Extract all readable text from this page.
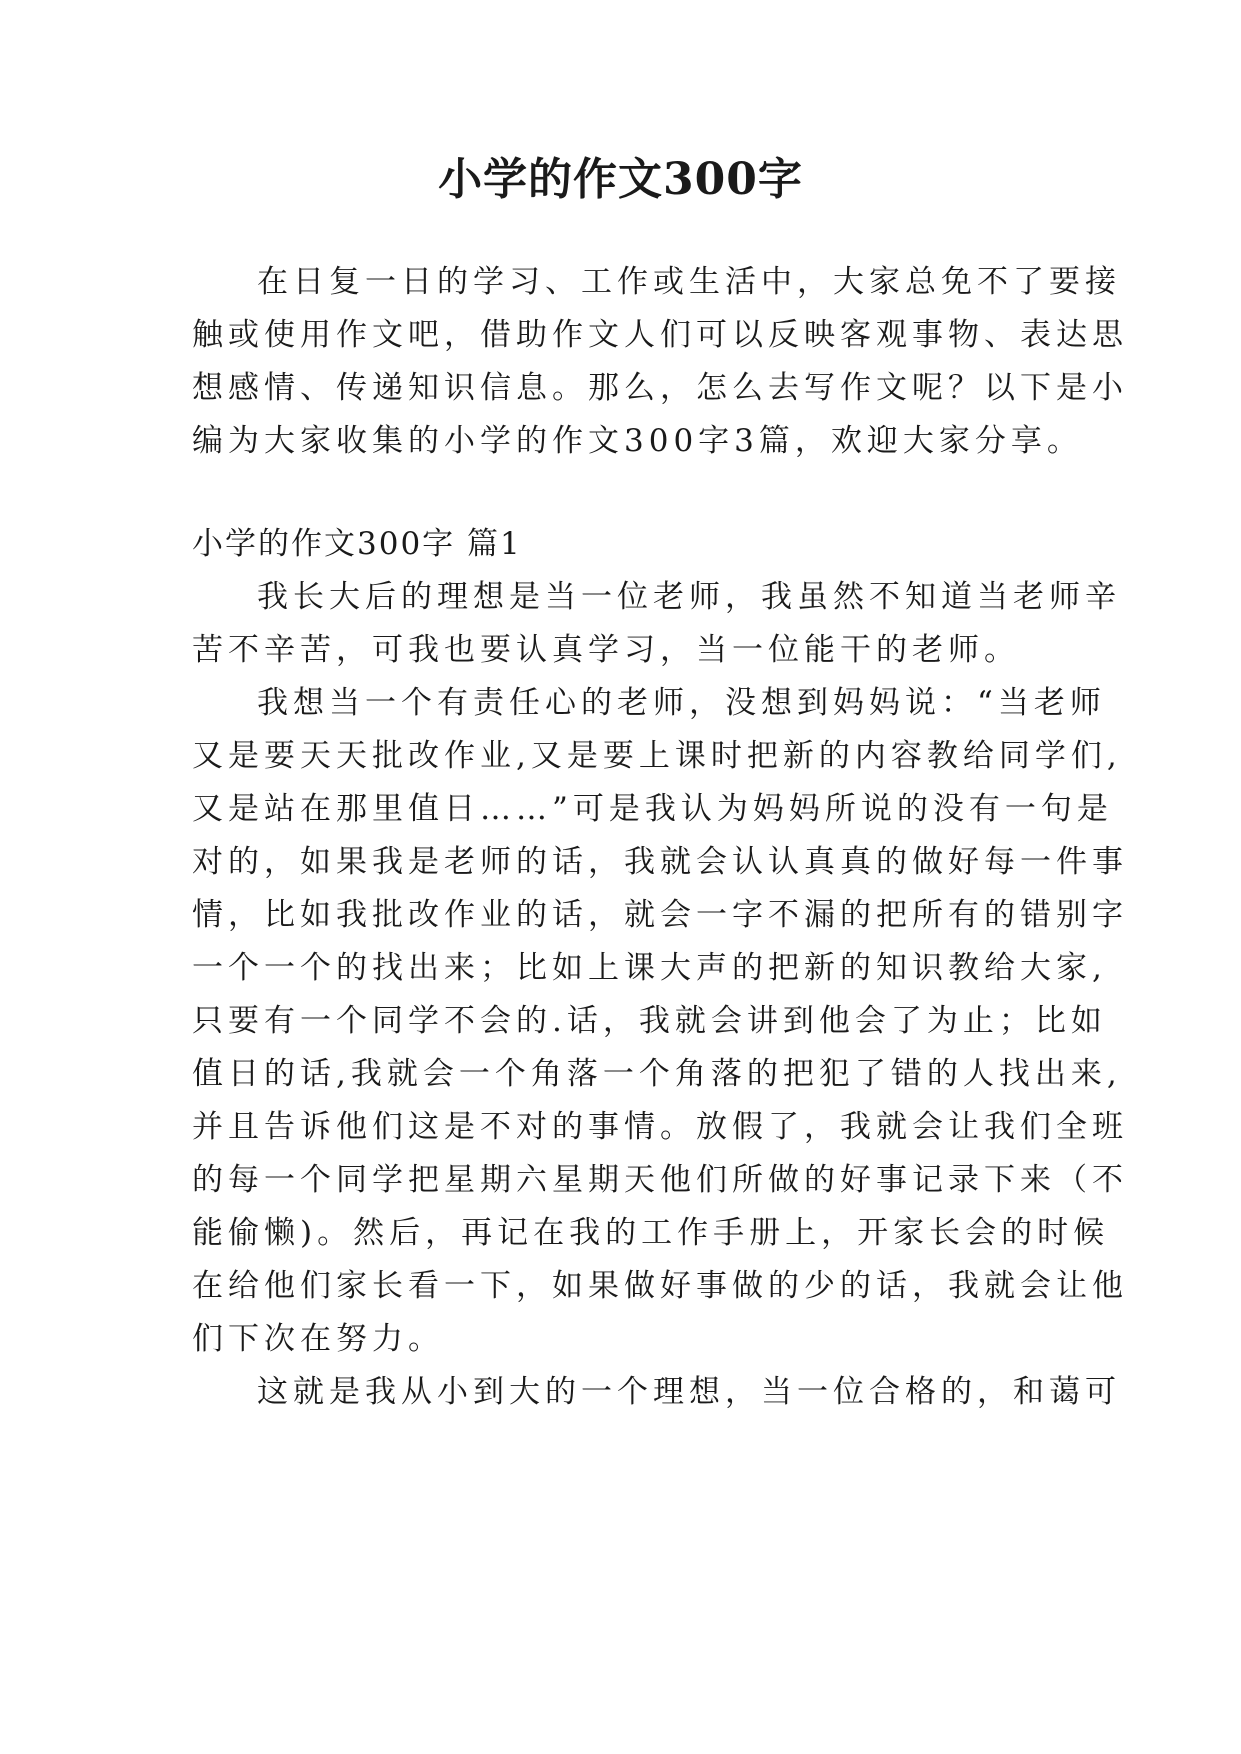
小学的作文300字
在日复一日的学习、工作或生活中，大家总免不了要接
触或使用作文吧，借助作文人们可以反映客观事物、表达思
想感情、传递知识信息。那么，怎么去写作文呢？以下是小
编为大家收集的小学的作文300字3篇，欢迎大家分享。
小学的作文300字 篇1
我长大后的理想是当一位老师，我虽然不知道当老师辛
苦不辛苦，可我也要认真学习，当一位能干的老师。
我想当一个有责任心的老师，没想到妈妈说：“当老师
又是要天天批改作业,又是要上课时把新的内容教给同学们,
又是站在那里值日……”可是我认为妈妈所说的没有一句是
对的，如果我是老师的话，我就会认认真真的做好每一件事
情，比如我批改作业的话，就会一字不漏的把所有的错别字
一个一个的找出来；比如上课大声的把新的知识教给大家,
只要有一个同学不会的.话，我就会讲到他会了为止；比如
值日的话,我就会一个角落一个角落的把犯了错的人找出来,
并且告诉他们这是不对的事情。放假了，我就会让我们全班
的每一个同学把星期六星期天他们所做的好事记录下来（不
能偷懒)。然后，再记在我的工作手册上，开家长会的时候
在给他们家长看一下，如果做好事做的少的话，我就会让他
们下次在努力。
这就是我从小到大的一个理想，当一位合格的，和蔼可
